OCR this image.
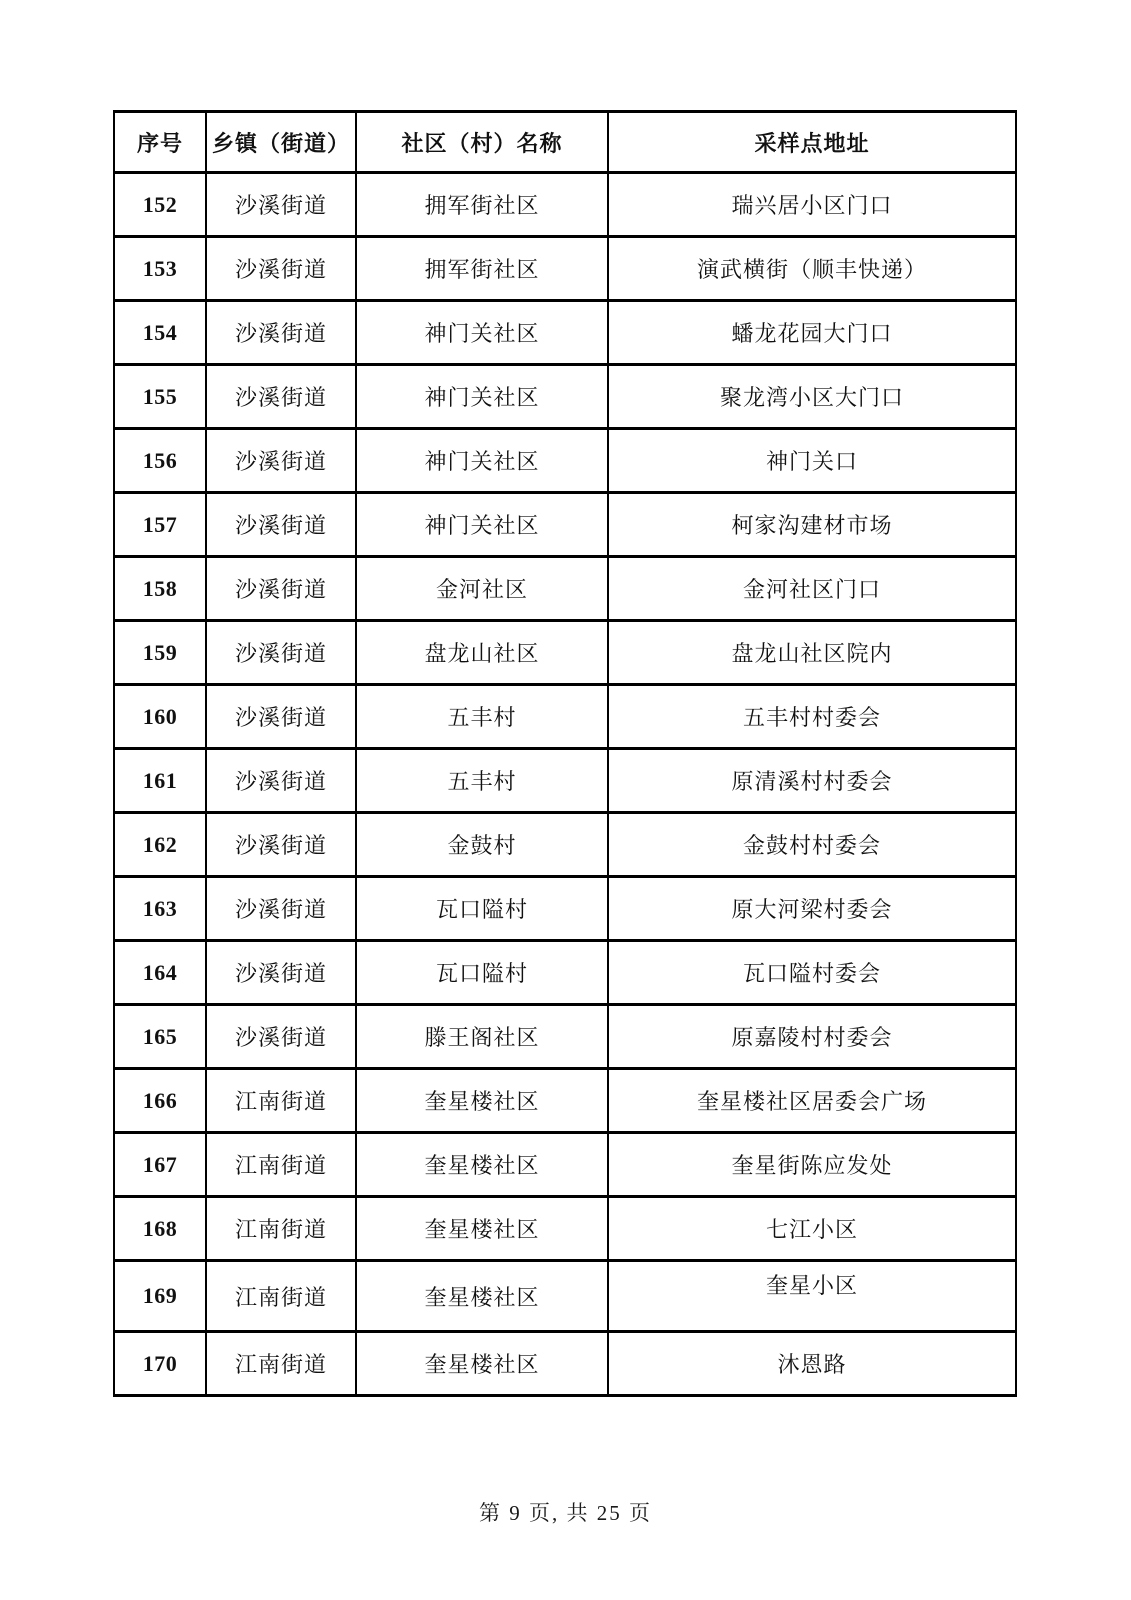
序号	乡镇（街道）	社区（村）名称	采样点地址
152	沙溪街道	拥军街社区	瑞兴居小区门口
153	沙溪街道	拥军街社区	演武横街（顺丰快递）
154	沙溪街道	神门关社区	蟠龙花园大门口
155	沙溪街道	神门关社区	聚龙湾小区大门口
156	沙溪街道	神门关社区	神门关口
157	沙溪街道	神门关社区	柯家沟建材市场
158	沙溪街道	金河社区	金河社区门口
159	沙溪街道	盘龙山社区	盘龙山社区院内
160	沙溪街道	五丰村	五丰村村委会
161	沙溪街道	五丰村	原清溪村村委会
162	沙溪街道	金鼓村	金鼓村村委会
163	沙溪街道	瓦口隘村	原大河梁村委会
164	沙溪街道	瓦口隘村	瓦口隘村委会
165	沙溪街道	滕王阁社区	原嘉陵村村委会
166	江南街道	奎星楼社区	奎星楼社区居委会广场
167	江南街道	奎星楼社区	奎星街陈应发处
168	江南街道	奎星楼社区	七江小区
169	江南街道	奎星楼社区	奎星小区
170	江南街道	奎星楼社区	沐恩路
第 9 页, 共 25 页
